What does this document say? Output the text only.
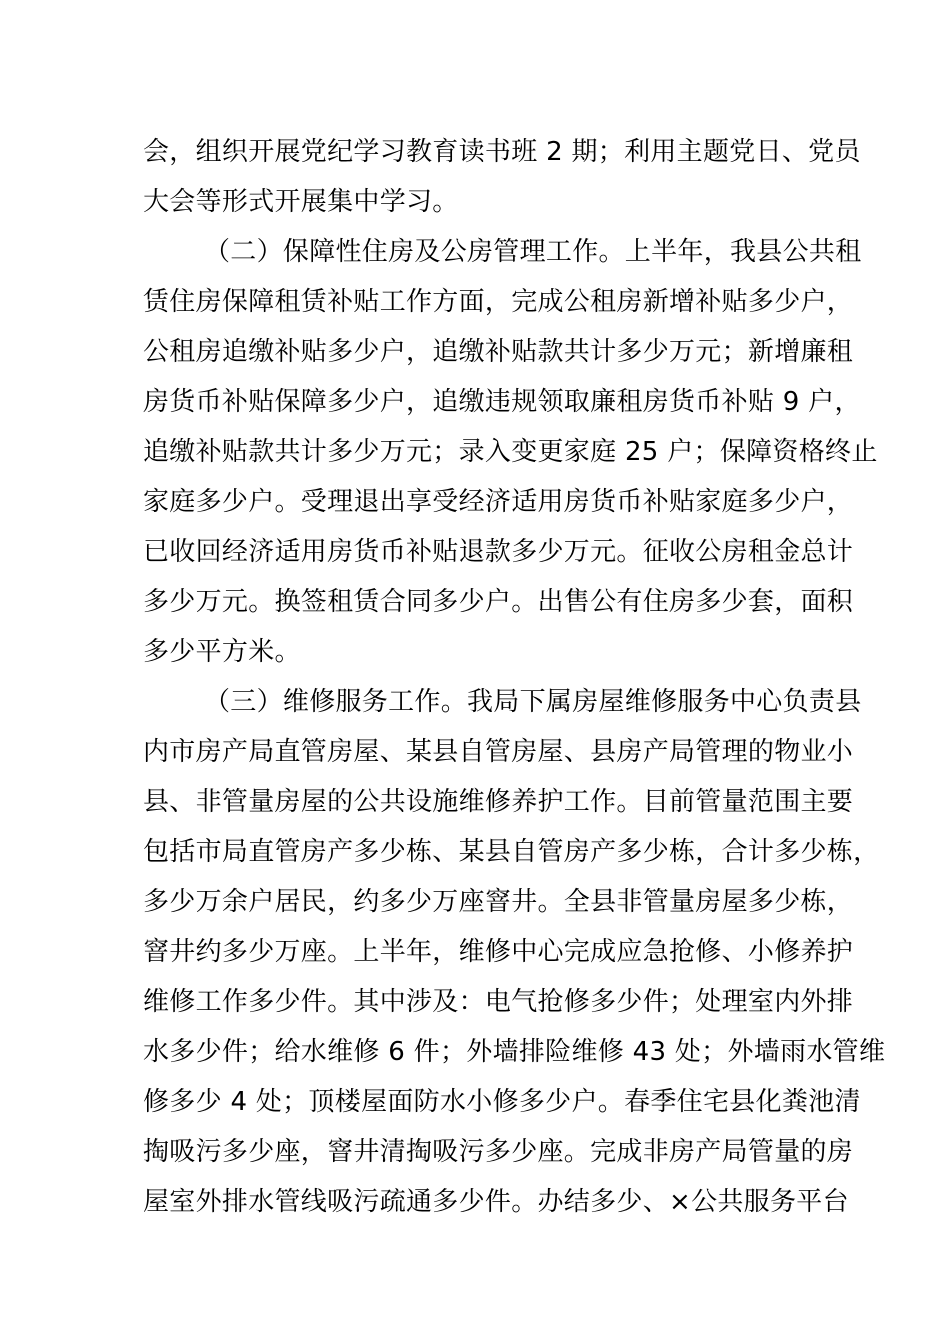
会，组织开展党纪学习教育读书班 2 期；利用主题党日、党员
大会等形式开展集中学习。
（二）保障性住房及公房管理工作。上半年，我县公共租
赁住房保障租赁补贴工作方面，完成公租房新增补贴多少户，
公租房追缴补贴多少户，追缴补贴款共计多少万元；新增廉租
房货币补贴保障多少户，追缴违规领取廉租房货币补贴 9 户，
追缴补贴款共计多少万元；录入变更家庭 25 户；保障资格终止
家庭多少户。受理退出享受经济适用房货币补贴家庭多少户，
已收回经济适用房货币补贴退款多少万元。征收公房租金总计
多少万元。换签租赁合同多少户。出售公有住房多少套，面积
多少平方米。
（三）维修服务工作。我局下属房屋维修服务中心负责县
内市房产局直管房屋、某县自管房屋、县房产局管理的物业小
县、非管量房屋的公共设施维修养护工作。目前管量范围主要
包括市局直管房产多少栋、某县自管房产多少栋，合计多少栋，
多少万余户居民，约多少万座窨井。全县非管量房屋多少栋，
窨井约多少万座。上半年，维修中心完成应急抢修、小修养护
维修工作多少件。其中涉及：电气抢修多少件；处理室内外排
水多少件；给水维修 6 件；外墙排险维修 43 处；外墙雨水管维
修多少 4 处；顶楼屋面防水小修多少户。春季住宅县化粪池清
掏吸污多少座，窨井清掏吸污多少座。完成非房产局管量的房
屋室外排水管线吸污疏通多少件。办结多少、×公共服务平台
